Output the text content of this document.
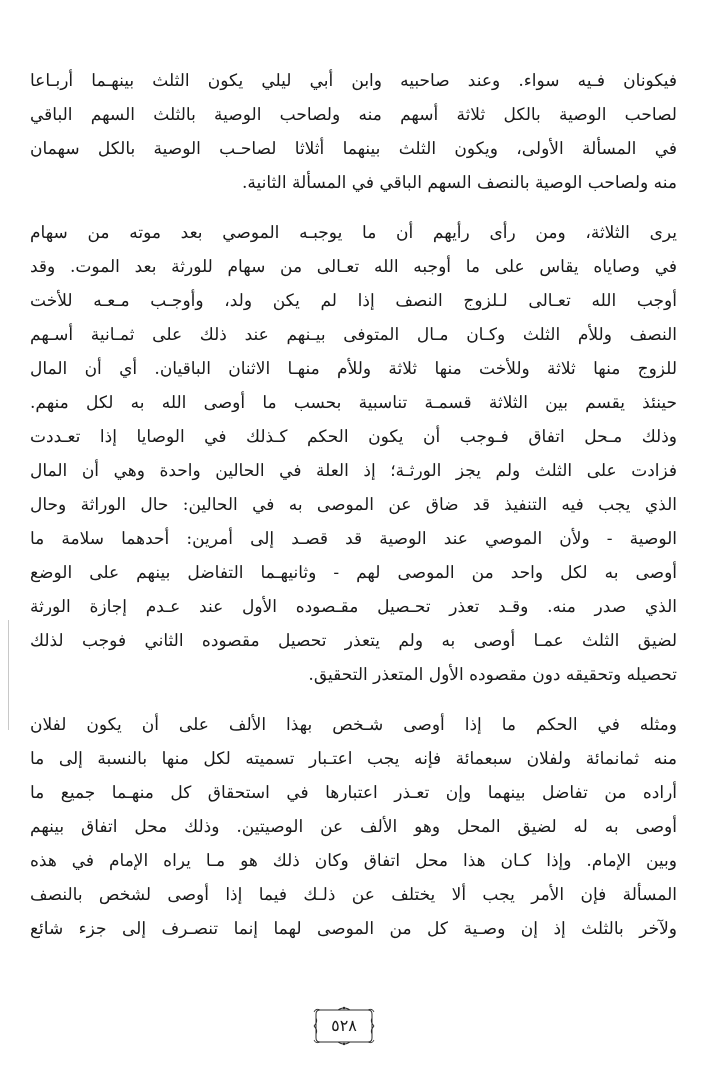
فيكونان فـيه سواء. وعند صاحبيه وابن أبي ليلي يكون الثلث بينهـما أربـاعا
لصاحب الوصية بالكل ثلاثة أسهم منه ولصاحب الوصية بالثلث السهم الباقي
في المسألة الأولى، ويكون الثلث بينهما أثلاثا لصاحـب الوصية بالكل سهمان
منه ولصاحب الوصية بالنصف السهم الباقي في المسألة الثانية.
يرى الثلاثة، ومن رأى رأيهم أن ما يوجبـه الموصي بعد موته من سهام
في وصاياه يقاس على ما أوجبه الله تعـالى من سهام للورثة بعد الموت. وقد
أوجب الله تعـالى لـلزوج النصف إذا لم يكن ولد، وأوجـب مـعـه للأخت
النصف وللأم الثلث وكـان مـال المتوفى بيـنهم عند ذلك على ثمـانية أسـهم
للزوج منها ثلاثة وللأخت منها ثلاثة وللأم منهـا الاثنان الباقيان. أي أن المال
حينئذ يقسم بين الثلاثة قسمـة تناسبية بحسب ما أوصى الله به لكل منهم.
وذلك مـحل اتفاق فـوجب أن يكون الحكم كـذلك في الوصايا إذا تعـددت
فزادت على الثلث ولم يجز الورثـة؛ إذ العلة في الحالين واحدة وهي أن المال
الذي يجب فيه التنفيذ قد ضاق عن الموصى به في الحالين: حال الوراثة وحال
الوصية - ولأن الموصي عند الوصية قد قصـد إلى أمرين: أحدهما سلامة ما
أوصى به لكل واحد من الموصى لهم - وثانيهـما التفاضل بينهم على الوضع
الذي صدر منه. وقـد تعذر تحـصيل مقـصوده الأول عند عـدم إجازة الورثة
لضيق الثلث عمـا أوصى به ولم يتعذر تحصيل مقصوده الثاني فوجب لذلك
تحصيله وتحقيقه دون مقصوده الأول المتعذر التحقيق.
ومثله في الحكم ما إذا أوصى شـخص بهذا الألف على أن يكون لفلان
منه ثمانمائة ولفلان سبعمائة فإنه يجب اعتـبار تسميته لكل منها بالنسبة إلى ما
أراده من تفاضل بينهما وإن تعـذر اعتبارها في استحقاق كل منهـما جميع ما
أوصى به له لضيق المحل وهو الألف عن الوصيتين. وذلك محل اتفاق بينهم
وبين الإمام. وإذا كـان هذا محل اتفاق وكان ذلك هو مـا يراه الإمام في هذه
المسألة فإن الأمر يجب ألا يختلف عن ذلـك فيما إذا أوصى لشخص بالنصف
ولآخر بالثلث إذ إن وصـية كل من الموصى لهما إنما تنصـرف إلى جزء شائع
٥٢٨
